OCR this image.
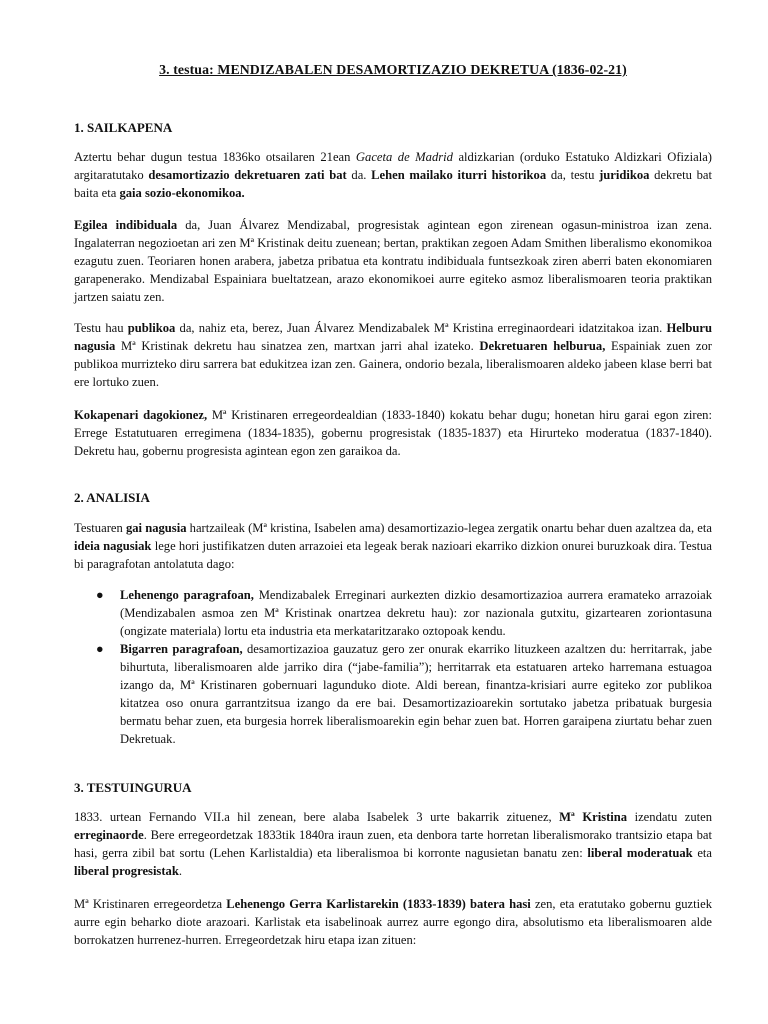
3. testua: MENDIZABALEN DESAMORTIZAZIO DEKRETUA (1836-02-21)
1. SAILKAPENA

Aztertu behar dugun testua 1836ko otsailaren 21ean Gaceta de Madrid aldizkarian (orduko Estatuko Aldizkari Ofiziala) argitaratutako desamortizazio dekretuaren zati bat da. Lehen mailako iturri historikoa da, testu juridikoa dekretu bat baita eta gaia sozio-ekonomikoa.

Egilea indibiduala da, Juan Álvarez Mendizabal, progresistak agintean egon zirenean ogasun-ministroa izan zena. Ingalaterran negozioetan ari zen Mª Kristinak deitu zuenean; bertan, praktikan zegoen Adam Smithen liberalismo ekonomikoa ezagutu zuen. Teoriaren honen arabera, jabetza pribatua eta kontratu indibiduala funtsezkoak ziren aberri baten ekonomiaren garapenerako. Mendizabal Espainiara bueltatzean, arazo ekonomikoei aurre egiteko asmoz liberalismoaren teoria praktikan jartzen saiatu zen.

Testu hau publikoa da, nahiz eta, berez, Juan Álvarez Mendizabalek Mª Kristina erreginaordeari idatzitakoa izan. Helburu nagusia Mª Kristinak dekretu hau sinatzea zen, martxan jarri ahal izateko. Dekretuaren helburua, Espainiak zuen zor publikoa murrizteko diru sarrera bat edukitzea izan zen. Gainera, ondorio bezala, liberalismoaren aldeko jabeen klase berri bat ere lortuko zuen.

Kokapenari dagokionez, Mª Kristinaren erregeordealdian (1833-1840) kokatu behar dugu; honetan hiru garai egon ziren: Errege Estatutuaren erregimena (1834-1835), gobernu progresistak (1835-1837) eta Hirurteko moderatua (1837-1840). Dekretu hau, gobernu progresista agintean egon zen garaikoa da.

2. ANALISIA

Testuaren gai nagusia hartzaileak (Mª kristina, Isabelen ama) desamortizazio-legea zergatik onartu behar duen azaltzea da, eta ideia nagusiak lege hori justifikatzen duten arrazoiei eta legeak berak nazioari ekarriko dizkion onurei buruzkoak dira. Testua bi paragrafotan antolatuta dago:

● Lehenengo paragrafoan, Mendizabalek Erreginari aurkezten dizkio desamortizazioa aurrera eramateko arrazoiak (Mendizabalen asmoa zen Mª Kristinak onartzea dekretu hau): zor nazionala gutxitu, gizartearen zoriontasuna (ongizate materiala) lortu eta industria eta merkataritzarako oztopoak kendu.
● Bigarren paragrafoan, desamortizazioa gauzatuz gero zer onurak ekarriko lituzkeen azaltzen du: herritarrak, jabe bihurtuta, liberalismoaren alde jarriko dira (“jabe-familia”); herritarrak eta estatuaren arteko harremana estuagoa izango da, Mª Kristinaren gobernuari lagunduko diote. Aldi berean, finantza-krisiari aurre egiteko zor publikoa kitatzea oso onura garrantzitsua izango da ere bai. Desamortizazioarekin sortutako jabetza pribatuak burgesia bermatu behar zuen, eta burgesia horrek liberalismoarekin egin behar zuen bat. Horren garaipena ziurtatu behar zuen Dekretuak.
3. TESTUINGURUA

1833. urtean Fernando VII.a hil zenean, bere alaba Isabelek 3 urte bakarrik zituenez, Mª Kristina izendatu zuten erreginaorde. Bere erregeordetzak 1833tik 1840ra iraun zuen, eta denbora tarte horretan liberalismorako trantsizio etapa bat hasi, gerra zibil bat sortu (Lehen Karlistaldia) eta liberalismoa bi korronte nagusietan banatu zen: liberal moderatuak eta liberal progresistak.

Mª Kristinaren erregeordetza Lehenengo Gerra Karlistarekin (1833-1839) batera hasi zen, eta eratutako gobernu guztiek aurre egin beharko diote arazoari. Karlistak eta isabelinoak aurrez aurre egongo dira, absolutismo eta liberalismoaren alde borrokatzen hurrenez-hurren. Erregeordetzak hiru etapa izan zituen:
